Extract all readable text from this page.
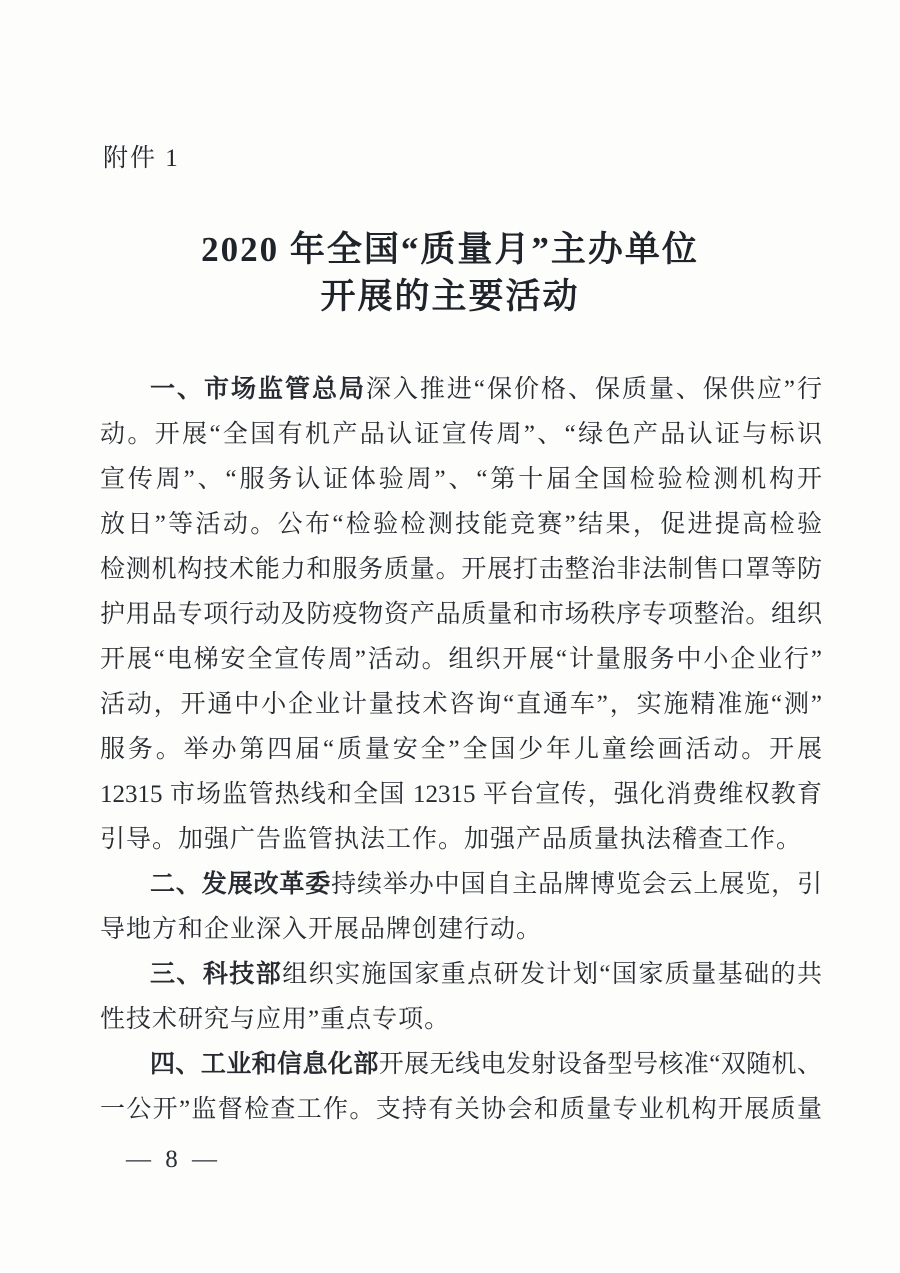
附件 1
2020 年全国“质量月”主办单位
开展的主要活动
一、市场监管总局深入推进“保价格、保质量、保供应”行
动。开展“全国有机产品认证宣传周”、“绿色产品认证与标识
宣传周”、“服务认证体验周”、“第十届全国检验检测机构开
放日”等活动。公布“检验检测技能竞赛”结果，促进提高检验
检测机构技术能力和服务质量。开展打击整治非法制售口罩等防
护用品专项行动及防疫物资产品质量和市场秩序专项整治。组织
开展“电梯安全宣传周”活动。组织开展“计量服务中小企业行”
活动，开通中小企业计量技术咨询“直通车”，实施精准施“测”
服务。举办第四届“质量安全”全国少年儿童绘画活动。开展
12315 市场监管热线和全国 12315 平台宣传，强化消费维权教育
引导。加强广告监管执法工作。加强产品质量执法稽查工作。
二、发展改革委持续举办中国自主品牌博览会云上展览，引
导地方和企业深入开展品牌创建行动。
三、科技部组织实施国家重点研发计划“国家质量基础的共
性技术研究与应用”重点专项。
四、工业和信息化部开展无线电发射设备型号核准“双随机、
一公开”监督检查工作。支持有关协会和质量专业机构开展质量
— 8 —
